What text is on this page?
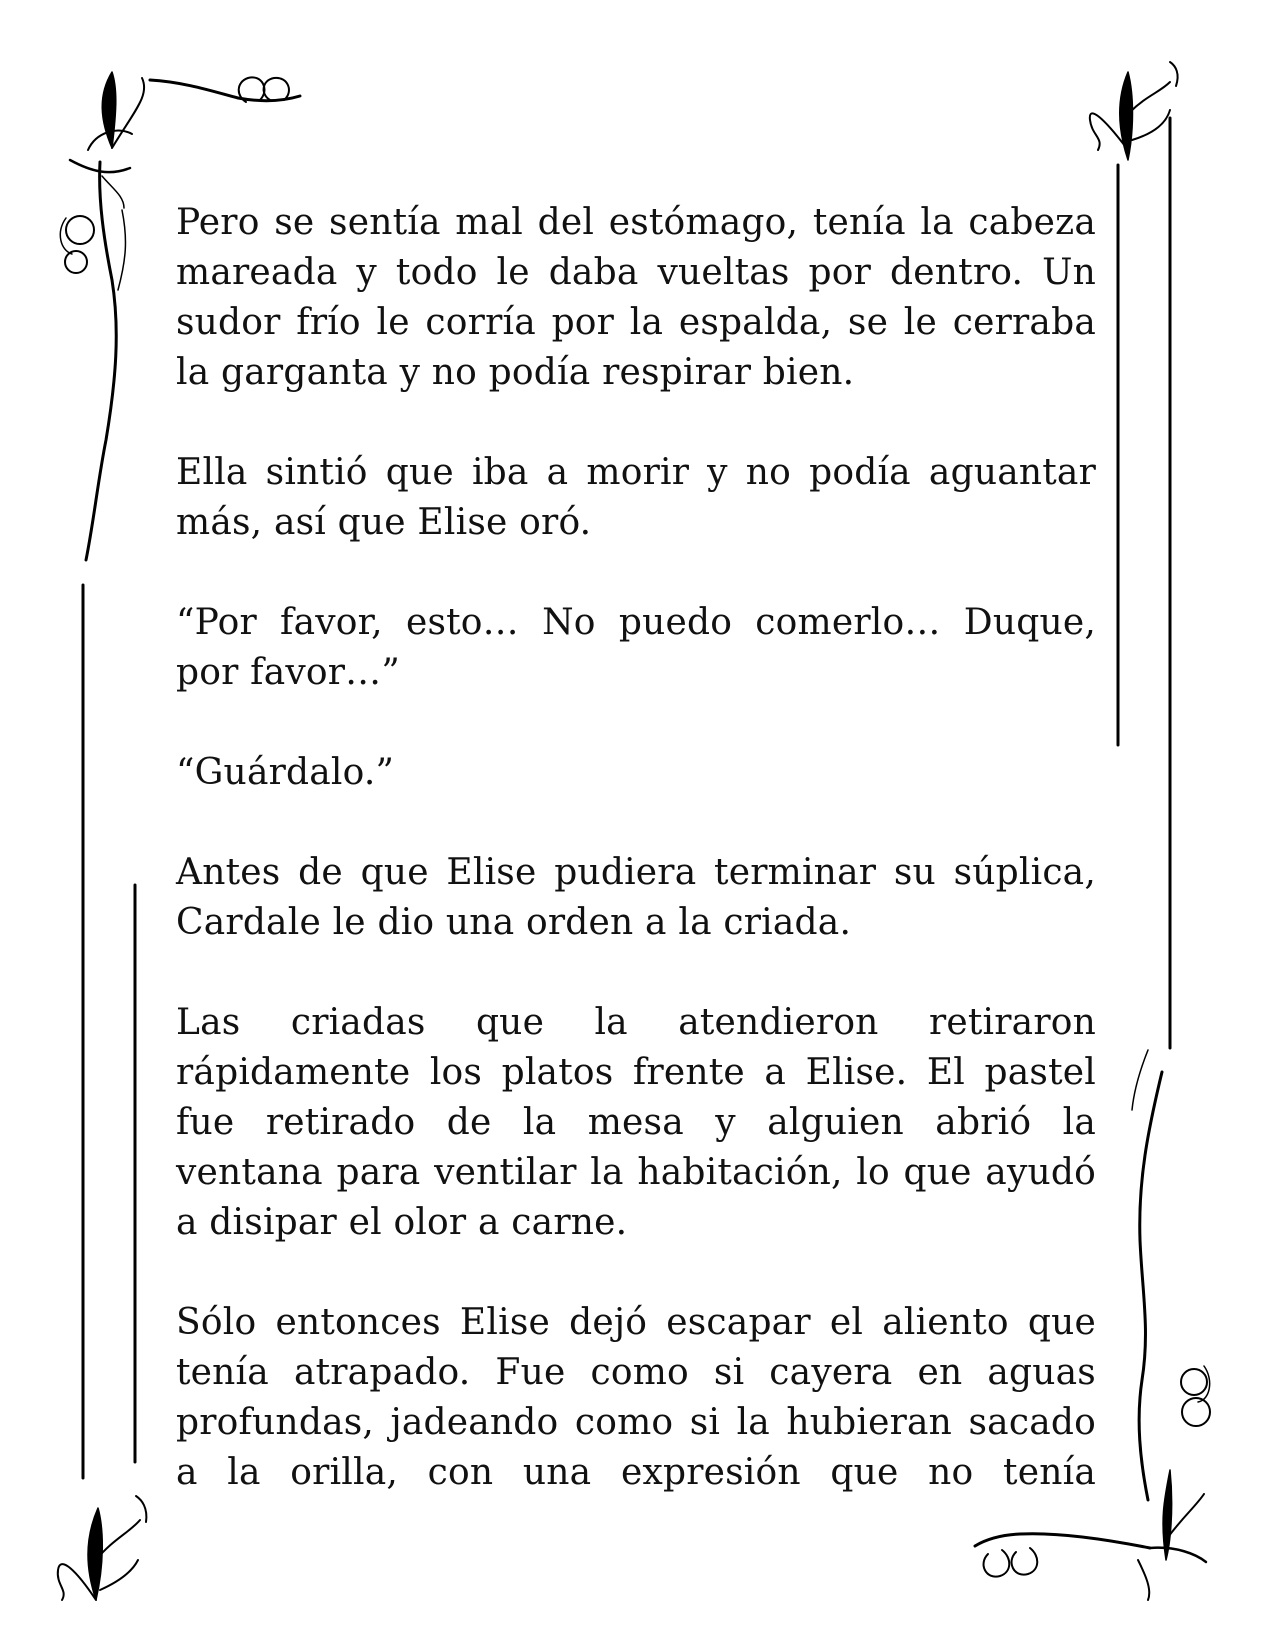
Pero se sentía mal del estómago, tenía la cabeza mareada y todo le daba vueltas por dentro. Un sudor frío le corría por la espalda, se le cerraba la garganta y no podía respirar bien.

Ella sintió que iba a morir y no podía aguantar más, así que Elise oró.

“Por favor, esto… No puedo comerlo… Duque, por favor…”

“Guárdalo.”

Antes de que Elise pudiera terminar su súplica, Cardale le dio una orden a la criada.

Las criadas que la atendieron retiraron rápidamente los platos frente a Elise. El pastel fue retirado de la mesa y alguien abrió la ventana para ventilar la habitación, lo que ayudó a disipar el olor a carne.

Sólo entonces Elise dejó escapar el aliento que tenía atrapado. Fue como si cayera en aguas profundas, jadeando como si la hubieran sacado a la orilla, con una expresión que no tenía
